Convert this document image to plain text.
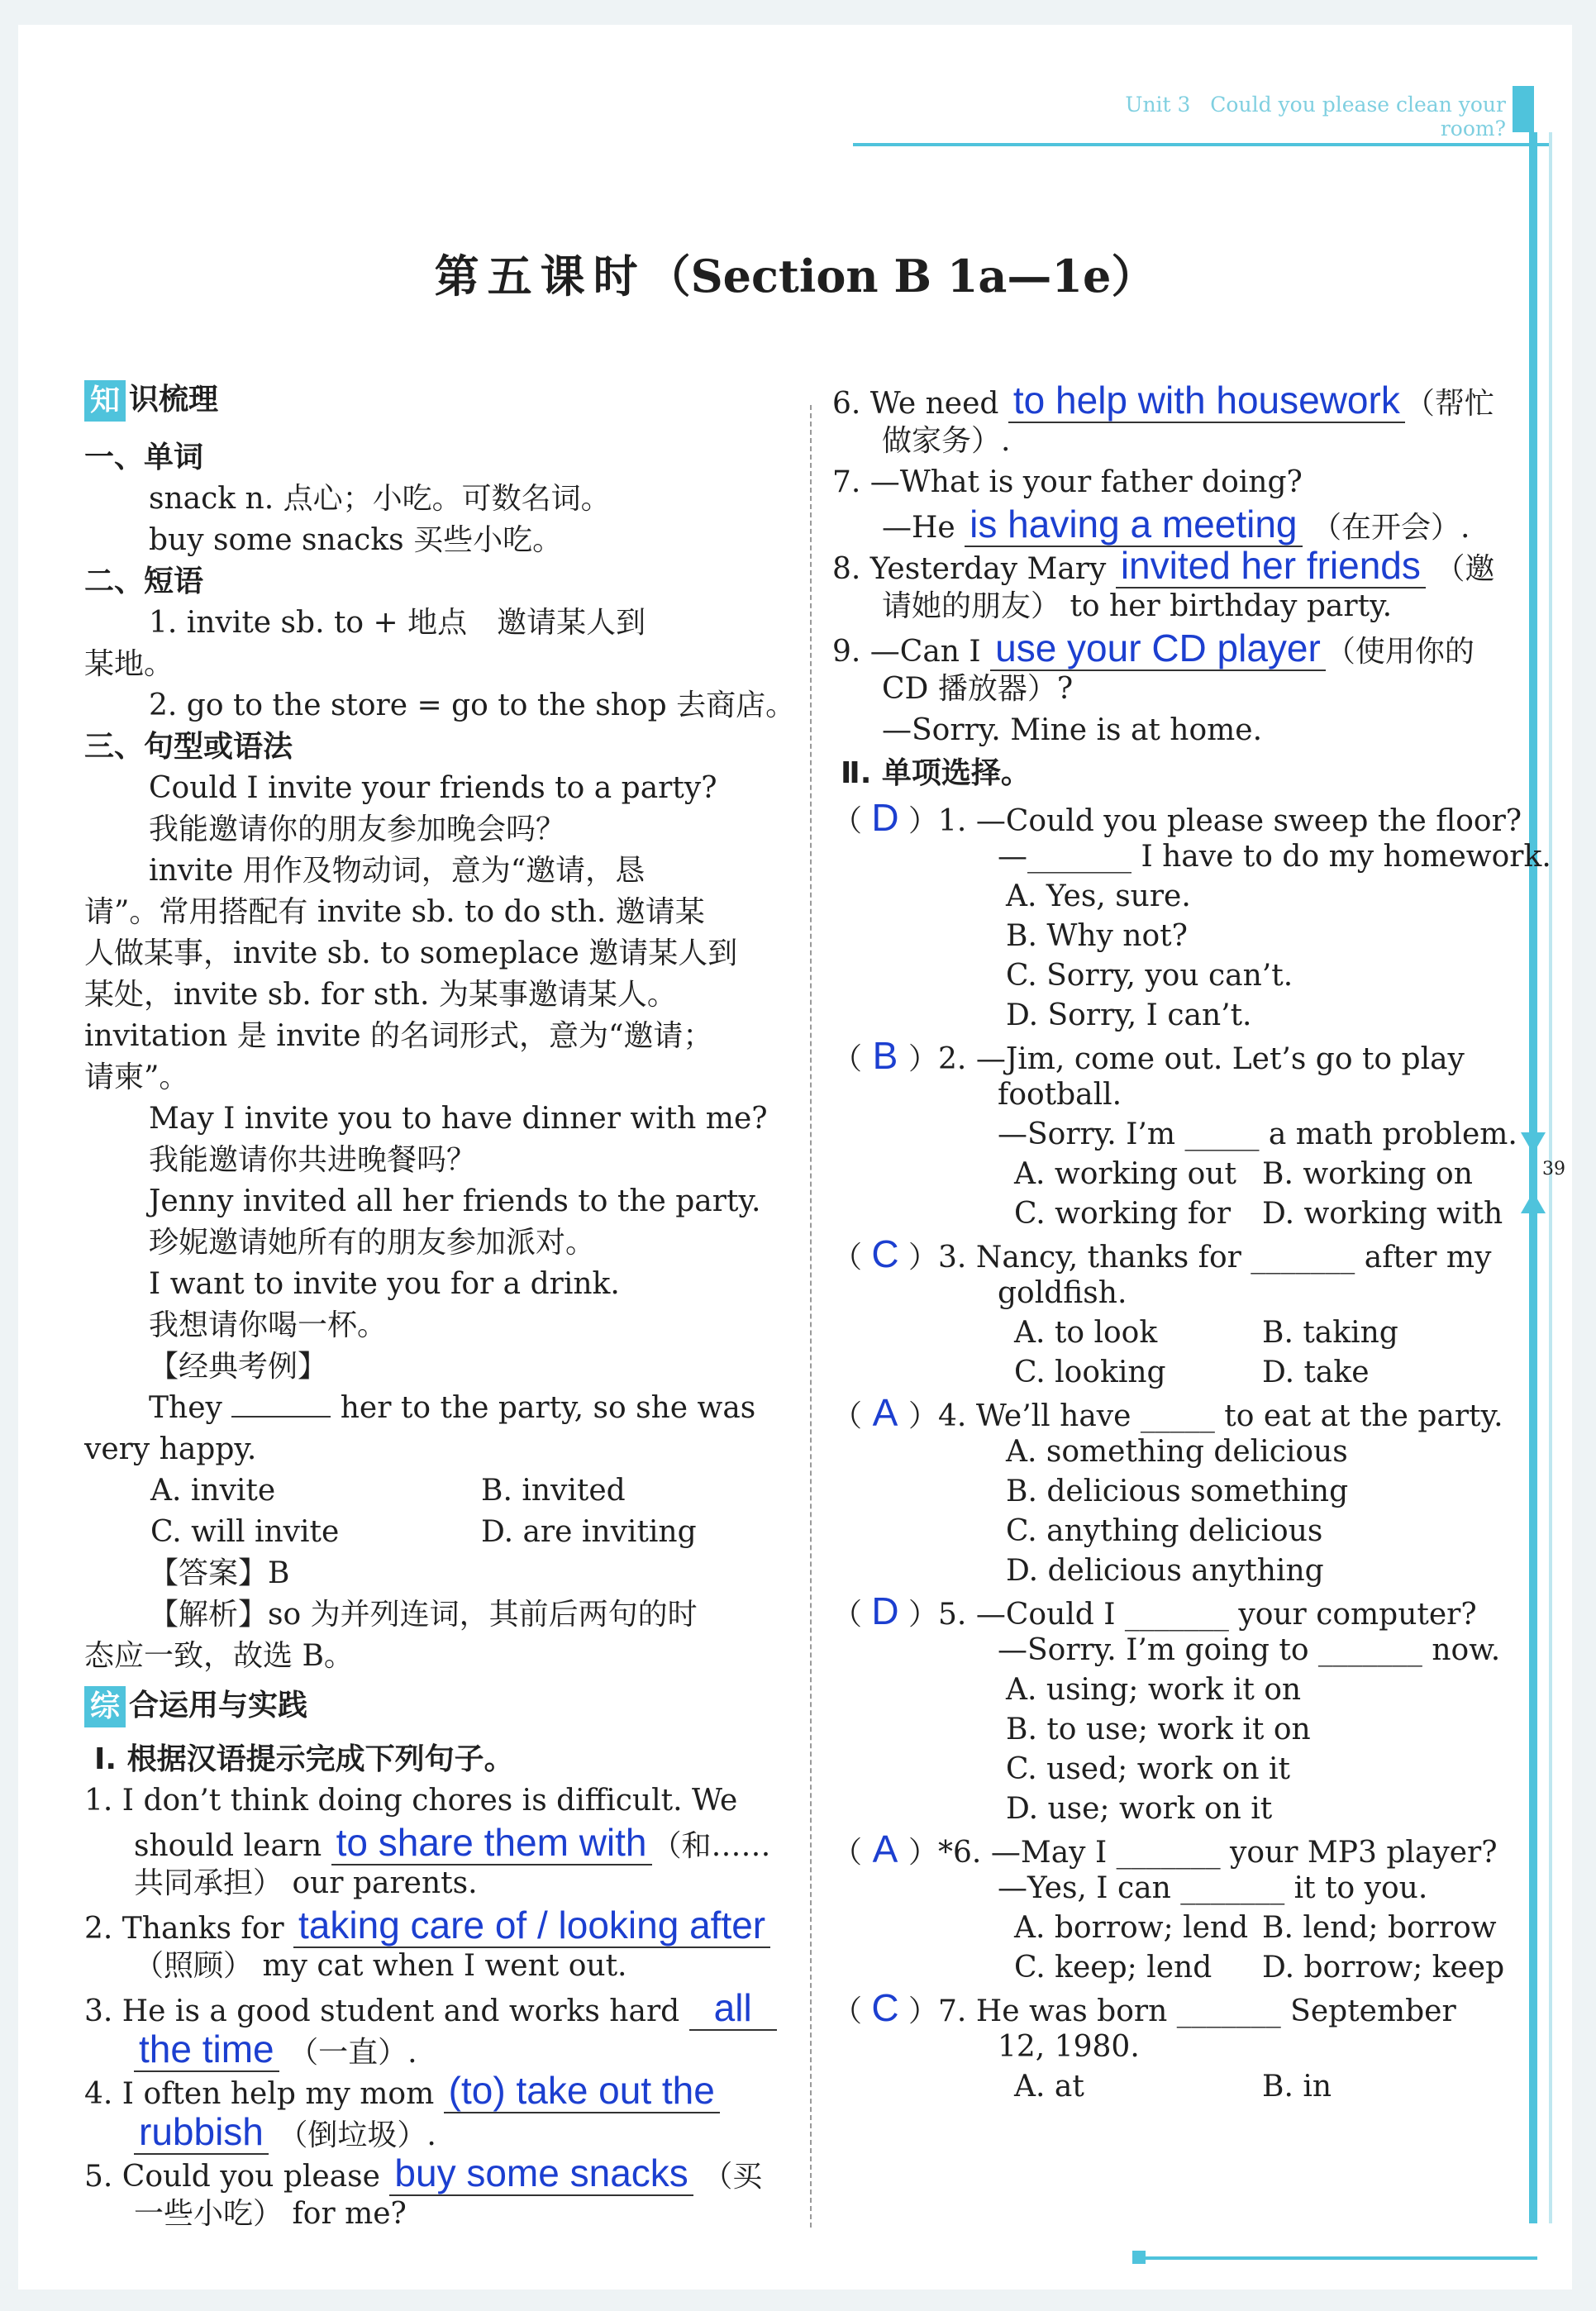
Unit 3 Could you please clean your room?
39
第五课时（Section B 1a—1e）
知 识梳理
一、单词
snack n. 点心；小吃。可数名词。
buy some snacks 买些小吃。
二、短语
1. invite sb. to + 地点　邀请某人到
某地。
2. go to the store = go to the shop 去商店。
三、句型或语法
Could I invite your friends to a party?
我能邀请你的朋友参加晚会吗？
invite 用作及物动词，意为“邀请，恳
请”。常用搭配有 invite sb. to do sth. 邀请某
人做某事，invite sb. to someplace 邀请某人到
某处，invite sb. for sth. 为某事邀请某人。
invitation 是 invite 的名词形式，意为“邀请；
请柬”。
May I invite you to have dinner with me?
我能邀请你共进晚餐吗？
Jenny invited all her friends to the party.
珍妮邀请她所有的朋友参加派对。
I want to invite you for a drink.
我想请你喝一杯。
【经典考例】
They	her to the party, so she was
very happy.
A. invite	B. invited
C. will invite	D. are inviting
【答案】B
【解析】so 为并列连词，其前后两句的时
态应一致，故选 B。
综 合运用与实践
Ⅰ. 根据汉语提示完成下列句子。
1. I don’t think doing chores is difficult. We
should learn to share them with （和……
共同承担） our parents.
2. Thanks for taking care of / looking after
（照顾） my cat when I went out.
3. He is a good student and works hard all
the time （一直）.
4. I often help my mom (to) take out the
rubbish （倒垃圾）.
5. Could you please buy some snacks （买
一些小吃） for me?
6. We need to help with housework （帮忙
做家务）.
7. —What is your father doing?
—He is having a meeting （在开会）.
8. Yesterday Mary invited her friends （邀
请她的朋友） to her birthday party.
9. —Can I use your CD player （使用你的
CD 播放器）?
—Sorry. Mine is at home.
Ⅱ. 单项选择。
（ D ）1. —Could you please sweep the floor?
—_______ I have to do my homework.
A. Yes, sure.
B. Why not?
C. Sorry, you can’t.
D. Sorry, I can’t.
（ B ）2. —Jim, come out. Let’s go to play
football.
—Sorry. I’m _____ a math problem.
A. working out B. working on
C. working for D. working with
（ C ）3. Nancy, thanks for _______ after my
goldfish.
A. to look	B. taking
C. looking	D. take
（ A ）4. We’ll have _____ to eat at the party.
A. something delicious
B. delicious something
C. anything delicious
D. delicious anything
（ D ）5. —Could I _______ your computer?
—Sorry. I’m going to _______ now.
A. using; work it on
B. to use; work it on
C. used; work on it
D. use; work on it
（ A ）*6. —May I _______ your MP3 player?
—Yes, I can _______ it to you.
A. borrow; lend B. lend; borrow
C. keep; lend D. borrow; keep
（ C ）7. He was born _______ September
12, 1980.
A. at	B. in
